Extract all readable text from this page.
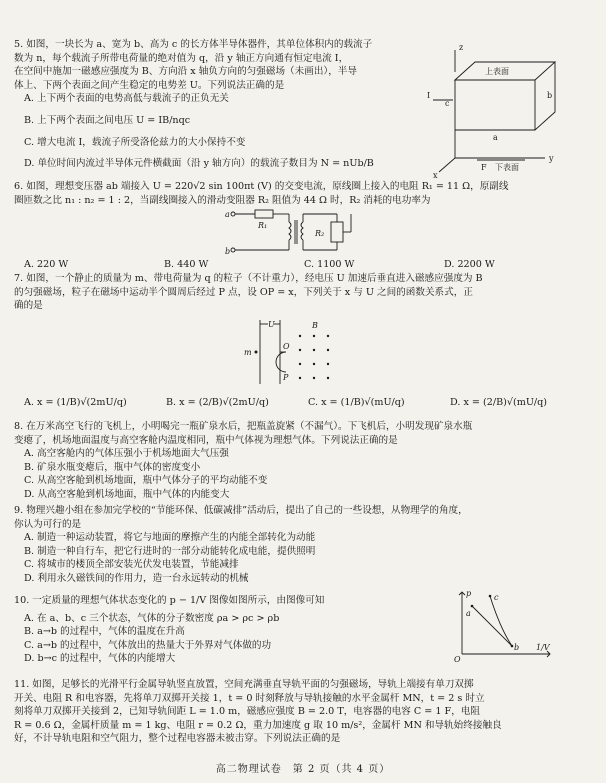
5. 如图，一块长为 a、宽为 b、高为 c 的长方体半导体器件，其单位体积内的载流子
数为 n，每个载流子所带电荷量的绝对值为 q，沿 y 轴正方向通有恒定电流 I，
在空间中施加一磁感应强度为 B、方向沿 x 轴负方向的匀强磁场（未画出），半导
体上、下两个表面之间产生稳定的电势差 U。下列说法正确的是
A. 上下两个表面的电势高低与载流子的正负无关
B. 上下两个表面之间电压 U = IB/nqc
C. 增大电流 I，载流子所受洛伦兹力的大小保持不变
D. 单位时间内流过半导体元件横截面（沿 y 轴方向）的载流子数目为 N = nUb/B
上表面
下表面
c
b
a
I
x
y
z
F
6. 如图，理想变压器 ab 端接入 U = 220√2 sin 100πt (V) 的交变电流，原线圈上接入的电阻 R₁ = 11 Ω，原副线
圈匝数之比 n₁ : n₂ = 1 : 2，当副线圈接入的滑动变阻器 R₂ 阻值为 44 Ω 时，R₂ 消耗的电功率为
a
b
R₁
R₂
A. 220 W	B. 440 W	C. 1100 W	D. 2200 W
7. 如图，一个静止的质量为 m、带电荷量为 q 的粒子（不计重力），经电压 U 加速后垂直进入磁感应强度为 B
的匀强磁场，粒子在磁场中运动半个圆周后经过 P 点，设 OP = x，下列关于 x 与 U 之间的函数关系式，正
确的是
U	B
m
O
P
A. x = (1/B)√(2mU/q)	B. x = (2/B)√(2mU/q)	C. x = (1/B)√(mU/q)	D. x = (2/B)√(mU/q)
8. 在万米高空飞行的飞机上，小明喝完一瓶矿泉水后，把瓶盖旋紧（不漏气）。下飞机后，小明发现矿泉水瓶
变瘪了，机场地面温度与高空客舱内温度相同，瓶中气体视为理想气体。下列说法正确的是
A. 高空客舱内的气体压强小于机场地面大气压强
B. 矿泉水瓶变瘪后，瓶中气体的密度变小
C. 从高空客舱到机场地面，瓶中气体分子的平均动能不变
D. 从高空客舱到机场地面，瓶中气体的内能变大
9. 物理兴趣小组在参加完学校的“节能环保、低碳减排”活动后，提出了自己的一些设想，从物理学的角度，
你认为可行的是
A. 制造一种运动装置，将它与地面的摩擦产生的内能全部转化为动能
B. 制造一种自行车，把它行进时的一部分动能转化成电能，提供照明
C. 将城市的楼顶全部安装光伏发电装置，节能减排
D. 利用永久磁铁间的作用力，造一台永远转动的机械
10. 一定质量的理想气体状态变化的 p − 1/V 图像如图所示，由图像可知
A. 在 a、b、c 三个状态，气体的分子数密度 ρa > ρc > ρb
B. a→b 的过程中，气体的温度在升高
C. a→b 的过程中，气体放出的热量大于外界对气体做的功
D. b→c 的过程中，气体的内能增大
p
a
c
b
O
1/V
11. 如图，足够长的光滑平行金属导轨竖直放置，空间充满垂直导轨平面的匀强磁场，导轨上端接有单刀双掷
开关、电阻 R 和电容器，先将单刀双掷开关接 1，t = 0 时刻释放与导轨接触的水平金属杆 MN，t = 2 s 时立
刻将单刀双掷开关接到 2，已知导轨间距 L = 1.0 m，磁感应强度 B = 2.0 T，电容器的电容 C = 1 F，电阻
R = 0.6 Ω，金属杆质量 m = 1 kg、电阻 r = 0.2 Ω，重力加速度 g 取 10 m/s²，金属杆 MN 和导轨始终接触良
好，不计导轨电阻和空气阻力，整个过程电容器未被击穿。下列说法正确的是
高二物理试卷　第 2 页（共 4 页）
